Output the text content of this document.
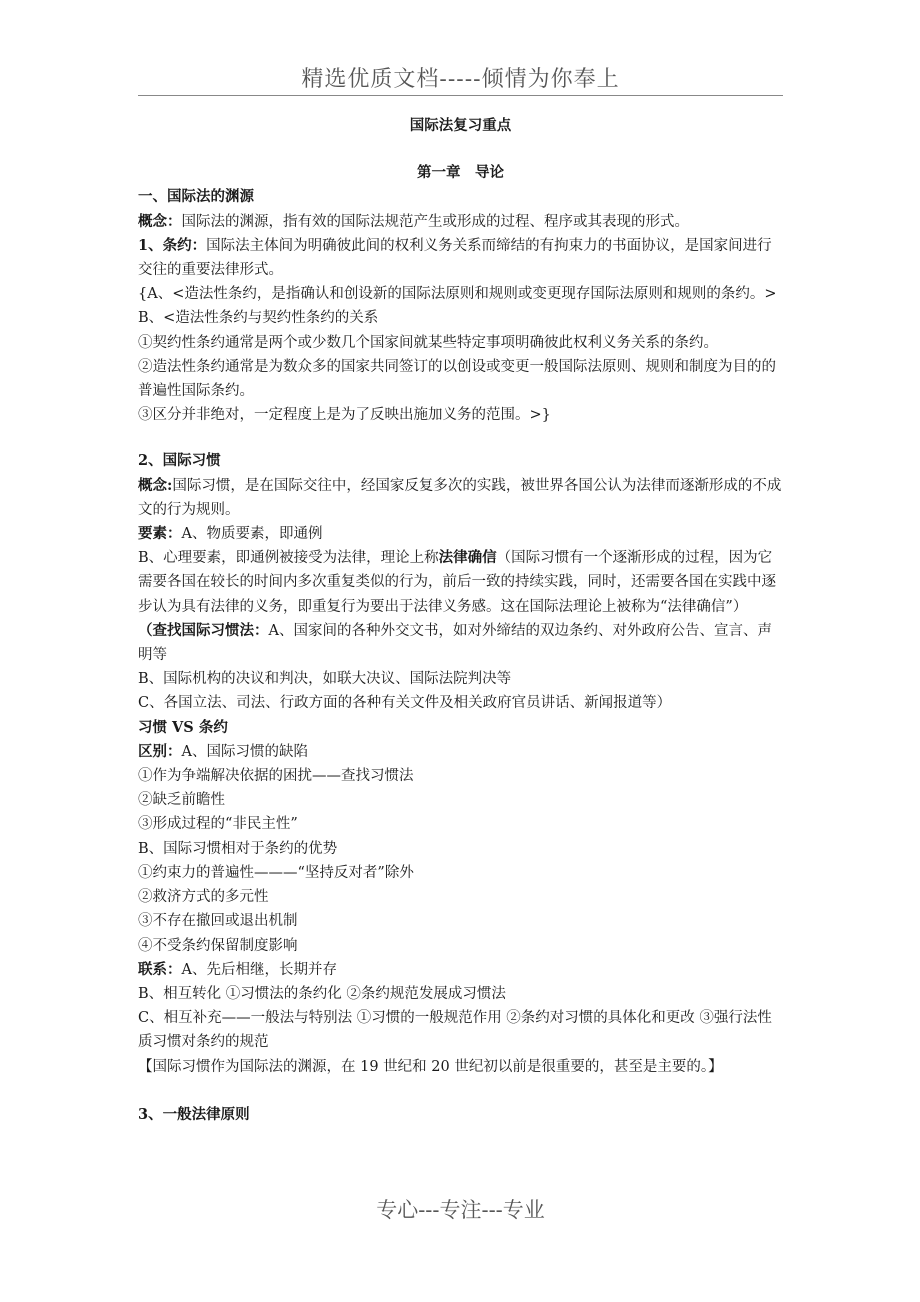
精选优质文档-----倾情为你奉上

国际法复习重点

第一章　导论

一、国际法的渊源

概念：国际法的渊源，指有效的国际法规范产生或形成的过程、程序或其表现的形式。

1、条约：国际法主体间为明确彼此间的权利义务关系而缔结的有拘束力的书面协议，是国家间进行交往的重要法律形式。

{A、<造法性条约，是指确认和创设新的国际法原则和规则或变更现存国际法原则和规则的条约。>

B、<造法性条约与契约性条约的关系

①契约性条约通常是两个或少数几个国家间就某些特定事项明确彼此权利义务关系的条约。

②造法性条约通常是为数众多的国家共同签订的以创设或变更一般国际法原则、规则和制度为目的的普遍性国际条约。

③区分并非绝对，一定程度上是为了反映出施加义务的范围。>}

2、国际习惯

概念:国际习惯，是在国际交往中，经国家反复多次的实践，被世界各国公认为法律而逐渐形成的不成文的行为规则。

要素：A、物质要素，即通例

B、心理要素，即通例被接受为法律，理论上称法律确信（国际习惯有一个逐渐形成的过程，因为它需要各国在较长的时间内多次重复类似的行为，前后一致的持续实践，同时，还需要各国在实践中逐步认为具有法律的义务，即重复行为要出于法律义务感。这在国际法理论上被称为“法律确信”）

（查找国际习惯法：A、国家间的各种外交文书，如对外缔结的双边条约、对外政府公告、宣言、声明等

B、国际机构的决议和判决，如联大决议、国际法院判决等

C、各国立法、司法、行政方面的各种有关文件及相关政府官员讲话、新闻报道等）

习惯 VS 条约

区别：A、国际习惯的缺陷

①作为争端解决依据的困扰——查找习惯法

②缺乏前瞻性

③形成过程的“非民主性”

B、国际习惯相对于条约的优势

①约束力的普遍性———“坚持反对者”除外

②救济方式的多元性

③不存在撤回或退出机制

④不受条约保留制度影响

联系：A、先后相继，长期并存

B、相互转化 ①习惯法的条约化 ②条约规范发展成习惯法

C、相互补充——一般法与特别法 ①习惯的一般规范作用 ②条约对习惯的具体化和更改 ③强行法性质习惯对条约的规范

【国际习惯作为国际法的渊源，在 19 世纪和 20 世纪初以前是很重要的，甚至是主要的。】

3、一般法律原则

专心---专注---专业
